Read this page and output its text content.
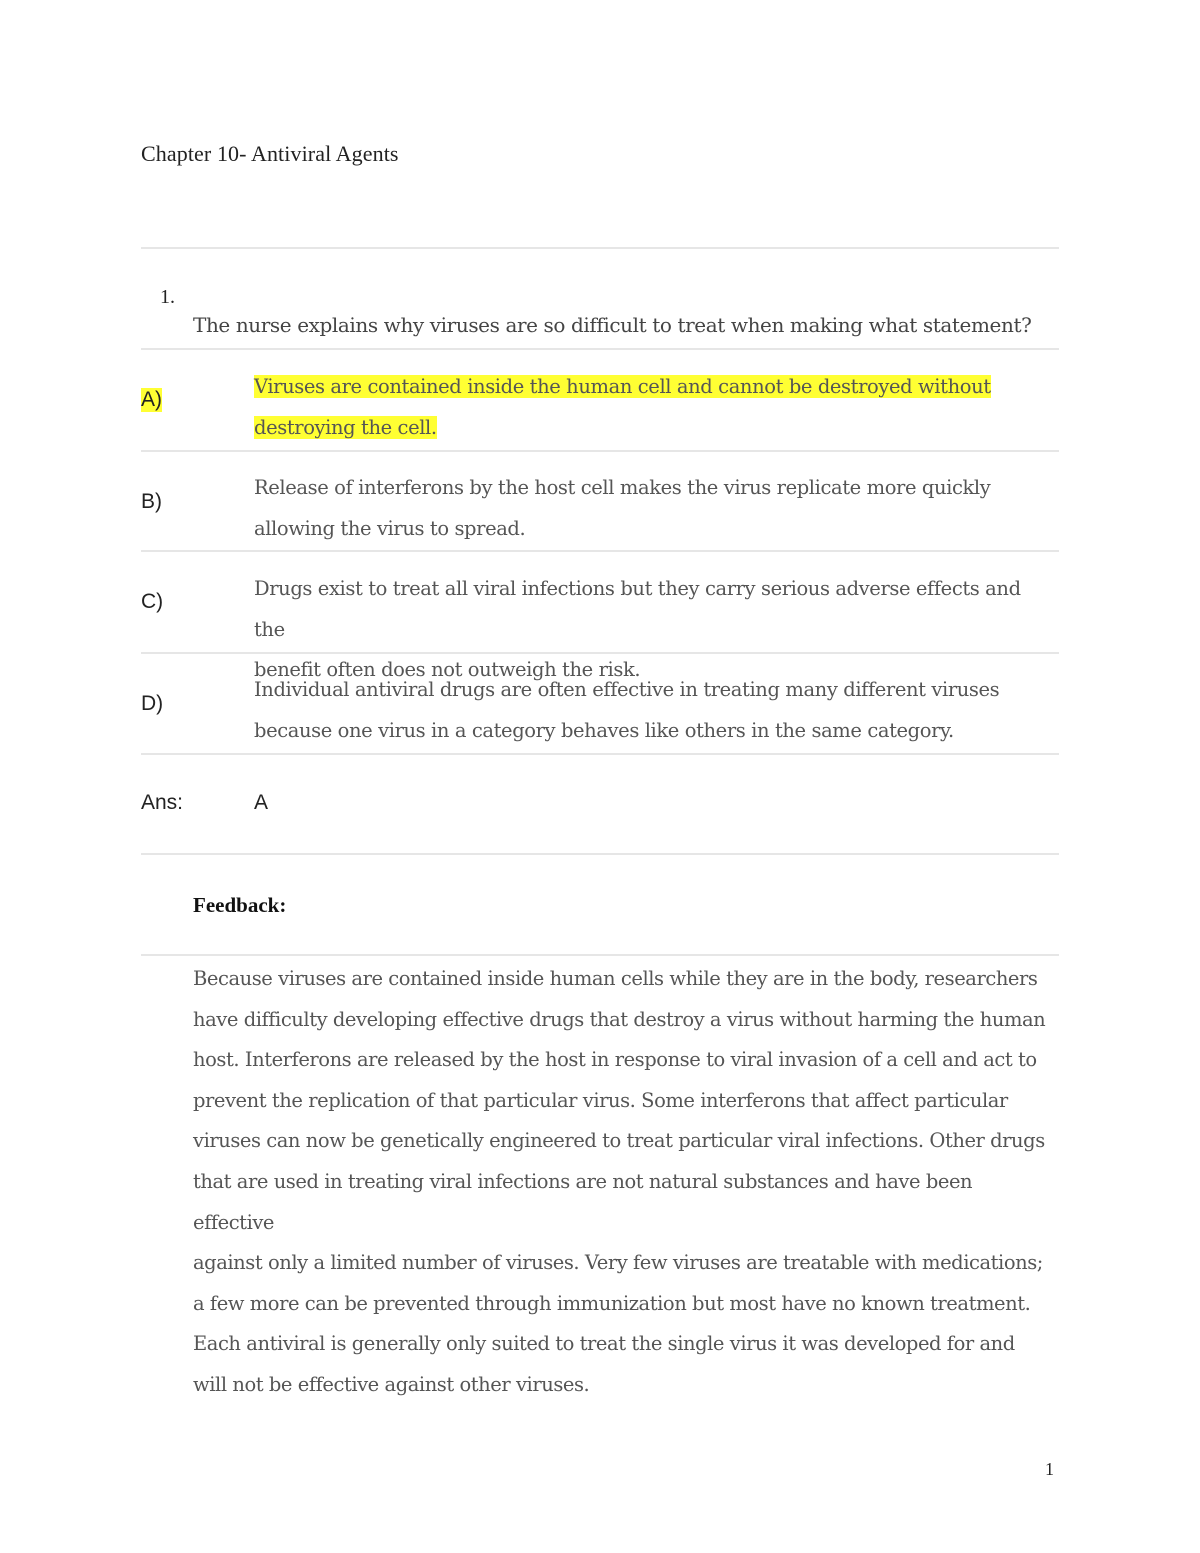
Chapter 10- Antiviral Agents
1.
The nurse explains why viruses are so difficult to treat when making what statement?
A)
Viruses are contained inside the human cell and cannot be destroyed without
destroying the cell.
B)
Release of interferons by the host cell makes the virus replicate more quickly
allowing the virus to spread.
C)
Drugs exist to treat all viral infections but they carry serious adverse effects and the
benefit often does not outweigh the risk.
D)
Individual antiviral drugs are often effective in treating many different viruses
because one virus in a category behaves like others in the same category.
Ans:	A
Feedback:
Because viruses are contained inside human cells while they are in the body, researchers
have difficulty developing effective drugs that destroy a virus without harming the human
host. Interferons are released by the host in response to viral invasion of a cell and act to
prevent the replication of that particular virus. Some interferons that affect particular
viruses can now be genetically engineered to treat particular viral infections. Other drugs
that are used in treating viral infections are not natural substances and have been effective
against only a limited number of viruses. Very few viruses are treatable with medications;
a few more can be prevented through immunization but most have no known treatment.
Each antiviral is generally only suited to treat the single virus it was developed for and
will not be effective against other viruses.
1
